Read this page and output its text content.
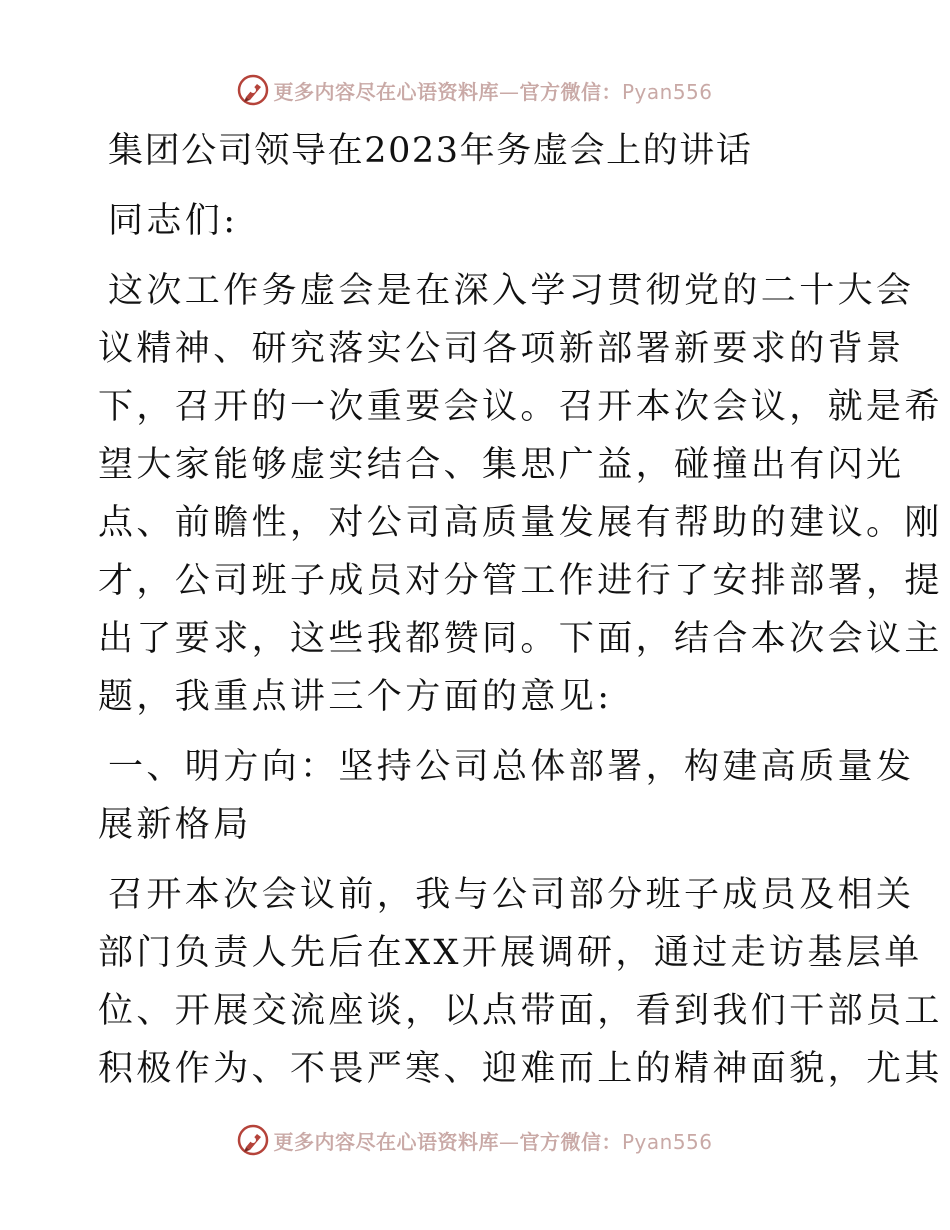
更多内容尽在心语资料库—官方微信：Pyan556
集团公司领导在2023年务虚会上的讲话
同志们:
这次工作务虚会是在深入学习贯彻党的二十大会
议精神、研究落实公司各项新部署新要求的背景
下，召开的一次重要会议。召开本次会议，就是希
望大家能够虚实结合、集思广益，碰撞出有闪光
点、前瞻性，对公司高质量发展有帮助的建议。刚
才，公司班子成员对分管工作进行了安排部署，提
出了要求，这些我都赞同。下面，结合本次会议主
题，我重点讲三个方面的意见:
一、明方向：坚持公司总体部署，构建高质量发
展新格局
召开本次会议前，我与公司部分班子成员及相关
部门负责人先后在XX开展调研，通过走访基层单
位、开展交流座谈，以点带面，看到我们干部员工
积极作为、不畏严寒、迎难而上的精神面貌，尤其
更多内容尽在心语资料库—官方微信：Pyan556
